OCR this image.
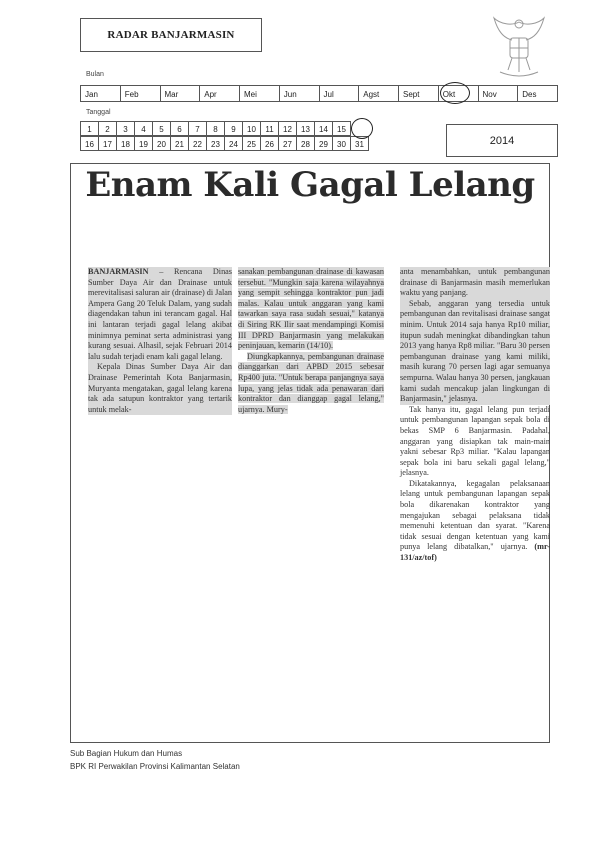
RADAR BANJARMASIN
Bulan
Jan	Feb	Mar	Apr	Mei	Jun	Jul	Agst	Sept	Okt	Nov	Des
Tanggal
1	2	3	4	5	6	7	8	9	10	11	12	13	14	15
16	17	18	19	20	21	22	23	24	25	26	27	28	29	30	31	2014
Enam Kali Gagal Lelang

BANJARMASIN – Rencana Dinas Sumber Daya Air dan Drainase untuk merevitalisasi saluran air (drainase) di Jalan Ampera Gang 20 Teluk Dalam, yang sudah diagendakan tahun ini terancam gagal. Hal ini lantaran terjadi gagal lelang akibat minimnya peminat serta administrasi yang kurang sesuai. Alhasil, sejak Februari 2014 lalu sudah terjadi enam kali gagal lelang.

Kepala Dinas Sumber Daya Air dan Drainase Pemerintah Kota Banjarmasin, Muryanta mengatakan, gagal lelang karena tak ada satupun kontraktor yang tertarik untuk melak-

sanakan pembangunan drainase di kawasan tersebut. "Mungkin saja karena wilayahnya yang sempit sehingga kontraktor pun jadi malas. Kalau untuk anggaran yang kami tawarkan saya rasa sudah sesuai," katanya di Siring RK Ilir saat mendampingi Komisi III DPRD Banjarmasin yang melakukan peninjauan, kemarin (14/10).

Diungkapkannya, pembangunan drainase dianggarkan dari APBD 2015 sebesar Rp400 juta. "Untuk berapa panjangnya saya lupa, yang jelas tidak ada penawaran dari kontraktor dan dianggap gagal lelang," ujarnya. Mury-

anta menambahkan, untuk pembangunan drainase di Banjarmasin masih memerlukan waktu yang panjang.

Sebab, anggaran yang tersedia untuk pembangunan dan revitalisasi drainase sangat minim. Untuk 2014 saja hanya Rp10 miliar, itupun sudah meningkat dibandingkan tahun 2013 yang hanya Rp8 miliar. "Baru 30 persen pembangunan drainase yang kami miliki, masih kurang 70 persen lagi agar semuanya sempurna. Walau hanya 30 persen, jangkauan kami sudah mencakup jalan lingkungan di Banjarmasin," jelasnya.

Tak hanya itu, gagal lelang pun terjadi untuk pembangunan lapangan sepak bola di bekas SMP 6 Banjarmasin. Padahal, anggaran yang disiapkan tak main-main yakni sebesar Rp3 miliar. "Kalau lapangan sepak bola ini baru sekali gagal lelang," jelasnya.

Dikatakannya, kegagalan pelaksanaan lelang untuk pembangunan lapangan sepak bola dikarenakan kontraktor yang mengajukan sebagai pelaksana tidak memenuhi ketentuan dan syarat. "Karena tidak sesuai dengan ketentuan yang kami punya lelang dibatalkan," ujarnya. (mr-131/az/tof)

Sub Bagian Hukum dan Humas
BPK RI Perwakilan Provinsi Kalimantan Selatan
